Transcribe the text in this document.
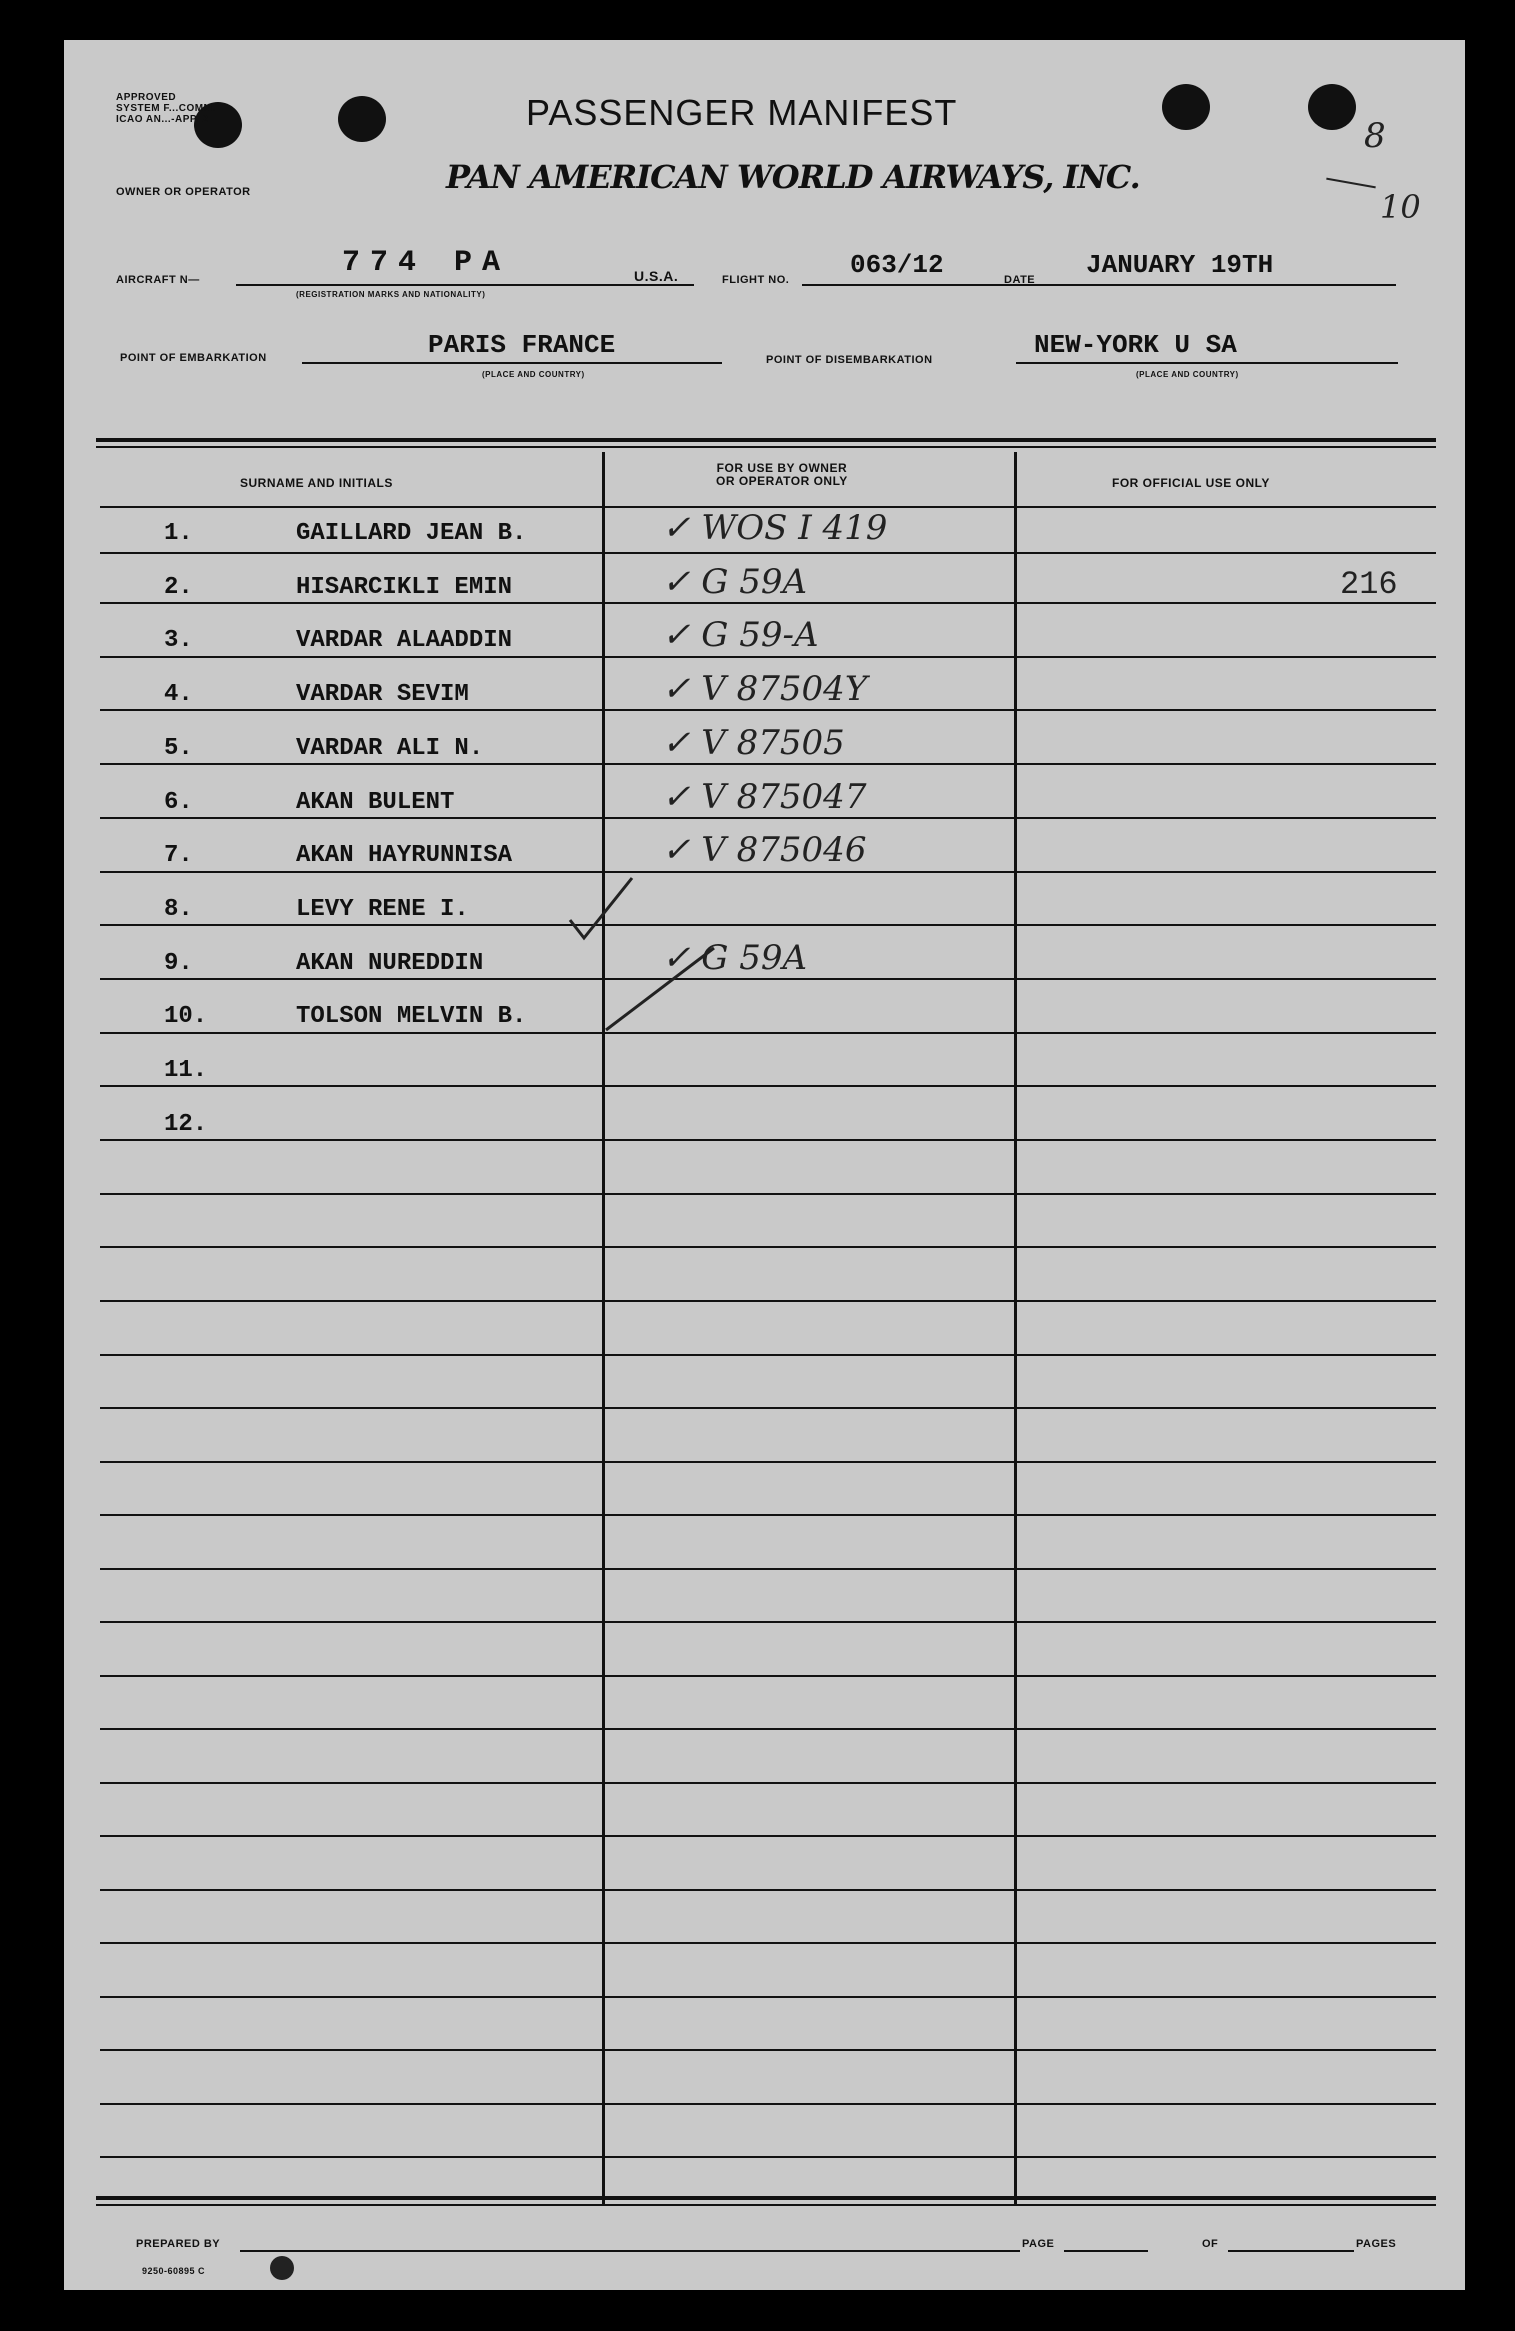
APPROVED
SYSTEM F...COMM.
ICAO AN...-APP. 2	PASSENGER MANIFEST
8
10
OWNER OR OPERATOR	PAN AMERICAN WORLD AIRWAYS, INC.
AIRCRAFT N—	774 PA
(REGISTRATION MARKS AND NATIONALITY)
U.S.A.	FLIGHT NO. 063/12	DATE JANUARY 19TH
POINT OF EMBARKATION	PARIS FRANCE
(PLACE AND COUNTRY)
POINT OF DISEMBARKATION	NEW-YORK U SA
(PLACE AND COUNTRY)
SURNAME AND INITIALS
FOR USE BY OWNER
OR OPERATOR ONLY	FOR OFFICIAL USE ONLY
1.	GAILLARD JEAN B.	✓ WOS I 419
2.	HISARCIKLI EMIN	✓ G 59A	216
3.	VARDAR ALAADDIN	✓ G 59-A
4.	VARDAR SEVIM	✓ V 87504Y
5.	VARDAR ALI N.	✓ V 87505
6.	AKAN BULENT	✓ V 875047
7.	AKAN HAYRUNNISA	✓ V 875046
8.	LEVY RENE I.
9.	AKAN NUREDDIN	✓ G 59A
10.	TOLSON MELVIN B.
11.
12.
PREPARED BY	PAGE	OF	PAGES
9250-60895 C
